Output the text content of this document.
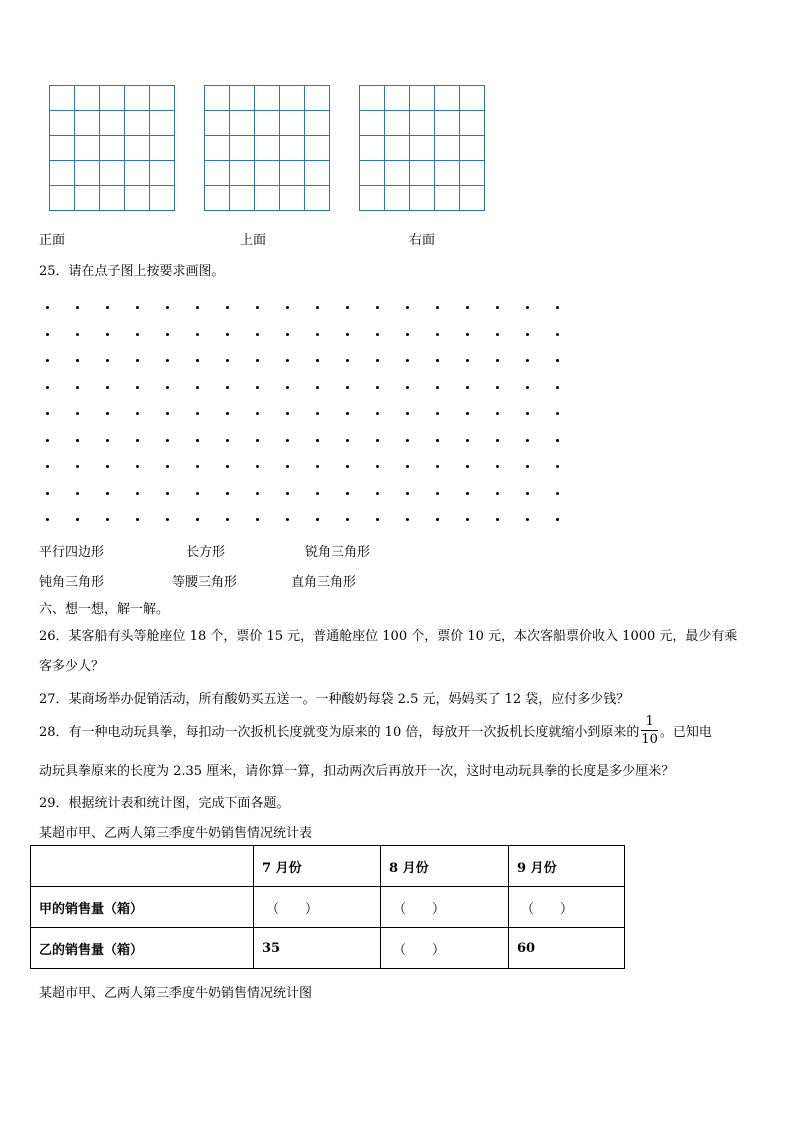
正面	上面	右面
25．请在点子图上按要求画图。
平行四边形	长方形	锐角三角形
钝角三角形	等腰三角形	直角三角形
六、想一想，解一解。
26．某客船有头等舱座位 18 个，票价 15 元，普通舱座位 100 个，票价 10 元，本次客船票价收入 1000 元，最少有乘
客多少人？
27．某商场举办促销活动，所有酸奶买五送一。一种酸奶每袋 2.5 元，妈妈买了 12 袋，应付多少钱？
28．有一种电动玩具拳，每扣动一次扳机长度就变为原来的 10 倍，每放开一次扳机长度就缩小到原来的 $\frac{1}{10}$ 。已知电
动玩具拳原来的长度为 2.35 厘米，请你算一算，扣动两次后再放开一次，这时电动玩具拳的长度是多少厘米？
29．根据统计表和统计图，完成下面各题。
某超市甲、乙两人第三季度牛奶销售情况统计表
	7 月份	8 月份	9 月份
甲的销售量（箱）	（　　）	（　　）	（　　）
乙的销售量（箱）	35	（　　）	60
某超市甲、乙两人第三季度牛奶销售情况统计图
